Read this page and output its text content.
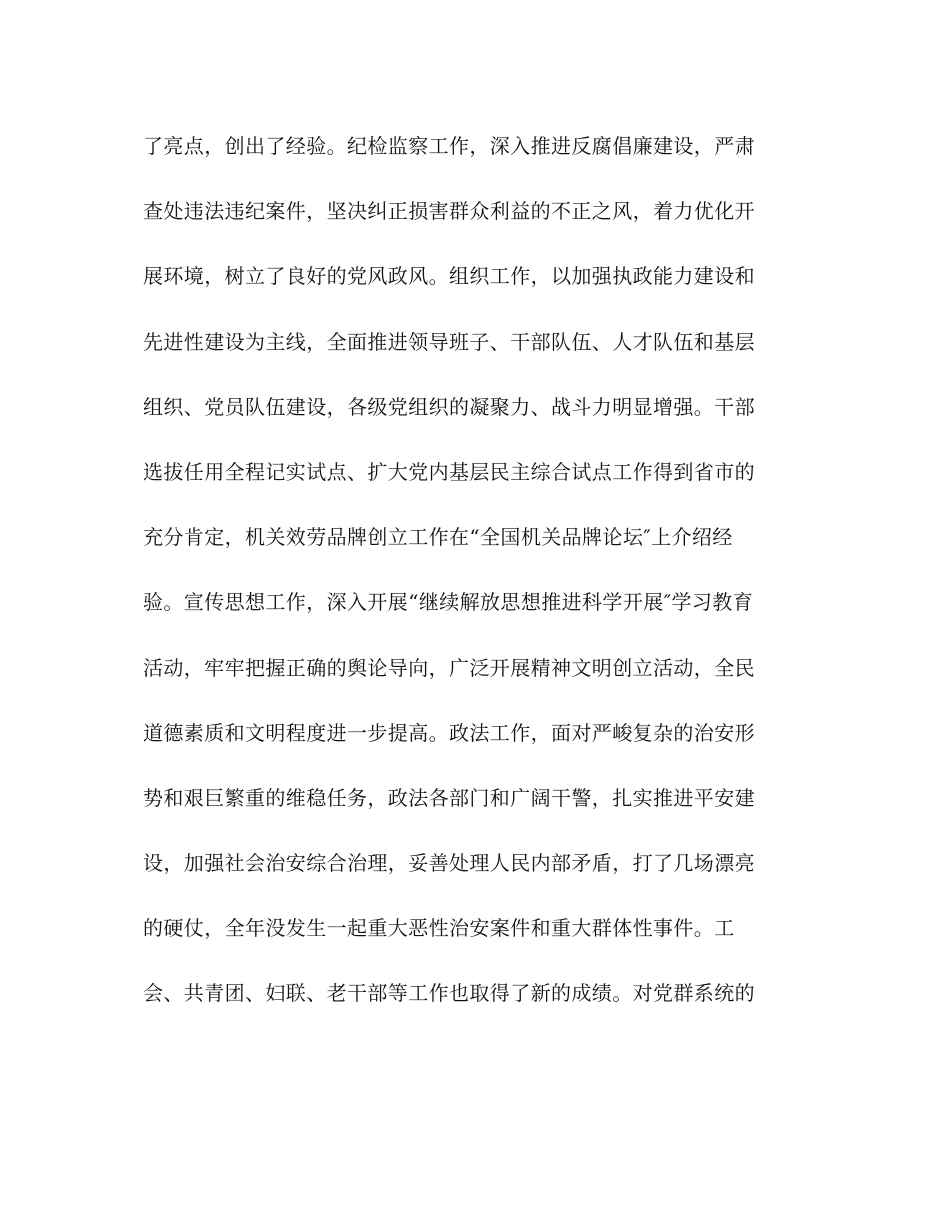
了亮点，创出了经验。纪检监察工作，深入推进反腐倡廉建设，严肃
查处违法违纪案件，坚决纠正损害群众利益的不正之风，着力优化开
展环境，树立了良好的党风政风。组织工作，以加强执政能力建设和
先进性建设为主线，全面推进领导班子、干部队伍、人才队伍和基层
组织、党员队伍建设，各级党组织的凝聚力、战斗力明显增强。干部
选拔任用全程记实试点、扩大党内基层民主综合试点工作得到省市的
充分肯定，机关效劳品牌创立工作在“全国机关品牌论坛″上介绍经
验。宣传思想工作，深入开展“继续解放思想推进科学开展″学习教育
活动，牢牢把握正确的舆论导向，广泛开展精神文明创立活动，全民
道德素质和文明程度进一步提高。政法工作，面对严峻复杂的治安形
势和艰巨繁重的维稳任务，政法各部门和广阔干警，扎实推进平安建
设，加强社会治安综合治理，妥善处理人民内部矛盾，打了几场漂亮
的硬仗，全年没发生一起重大恶性治安案件和重大群体性事件。工
会、共青团、妇联、老干部等工作也取得了新的成绩。对党群系统的
